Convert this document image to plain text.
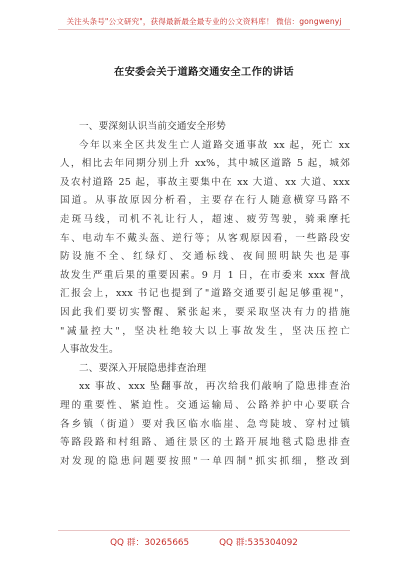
关注头条号"公文研究"，获得最新最全最专业的公文资料库！ 微信：gongwenyj
在安委会关于道路交通安全工作的讲话
一、要深刻认识当前交通安全形势
今年以来全区共发生亡人道路交通事故 xx 起，死亡 xx
人，相比去年同期分别上升 xx%，其中城区道路 5 起，城郊
及农村道路 25 起，事故主要集中在 xx 大道、xx 大道、xxx
国道。从事故原因分析看，主要存在行人随意横穿马路不
走斑马线，司机不礼让行人，超速、疲劳驾驶，骑乘摩托
车、电动车不戴头盔、逆行等；从客观原因看，一些路段安
防设施不全、红绿灯、交通标线、夜间照明缺失也是事
故发生严重后果的重要因素。9 月 1 日，在市委来 xxx 督战
汇报会上，xxx 书记也提到了"道路交通要引起足够重视"，
因此我们要切实警醒、紧张起来，要采取坚决有力的措施
"减量控大"，坚决杜绝较大以上事故发生，坚决压控亡
人事故发生。
二、要深入开展隐患排查治理
xx 事故、xxx 坠翻事故，再次给我们敲响了隐患排查治
理的重要性、紧迫性。交通运输局、公路养护中心要联合
各乡镇（街道）要对我区临水临崖、急弯陡坡、穿村过镇
等路段路和村组路、通往景区的土路开展地毯式隐患排查
对发现的隐患问题要按照"一单四制"抓实抓细，整改到
QQ 群：30265665	QQ 群:535304092
